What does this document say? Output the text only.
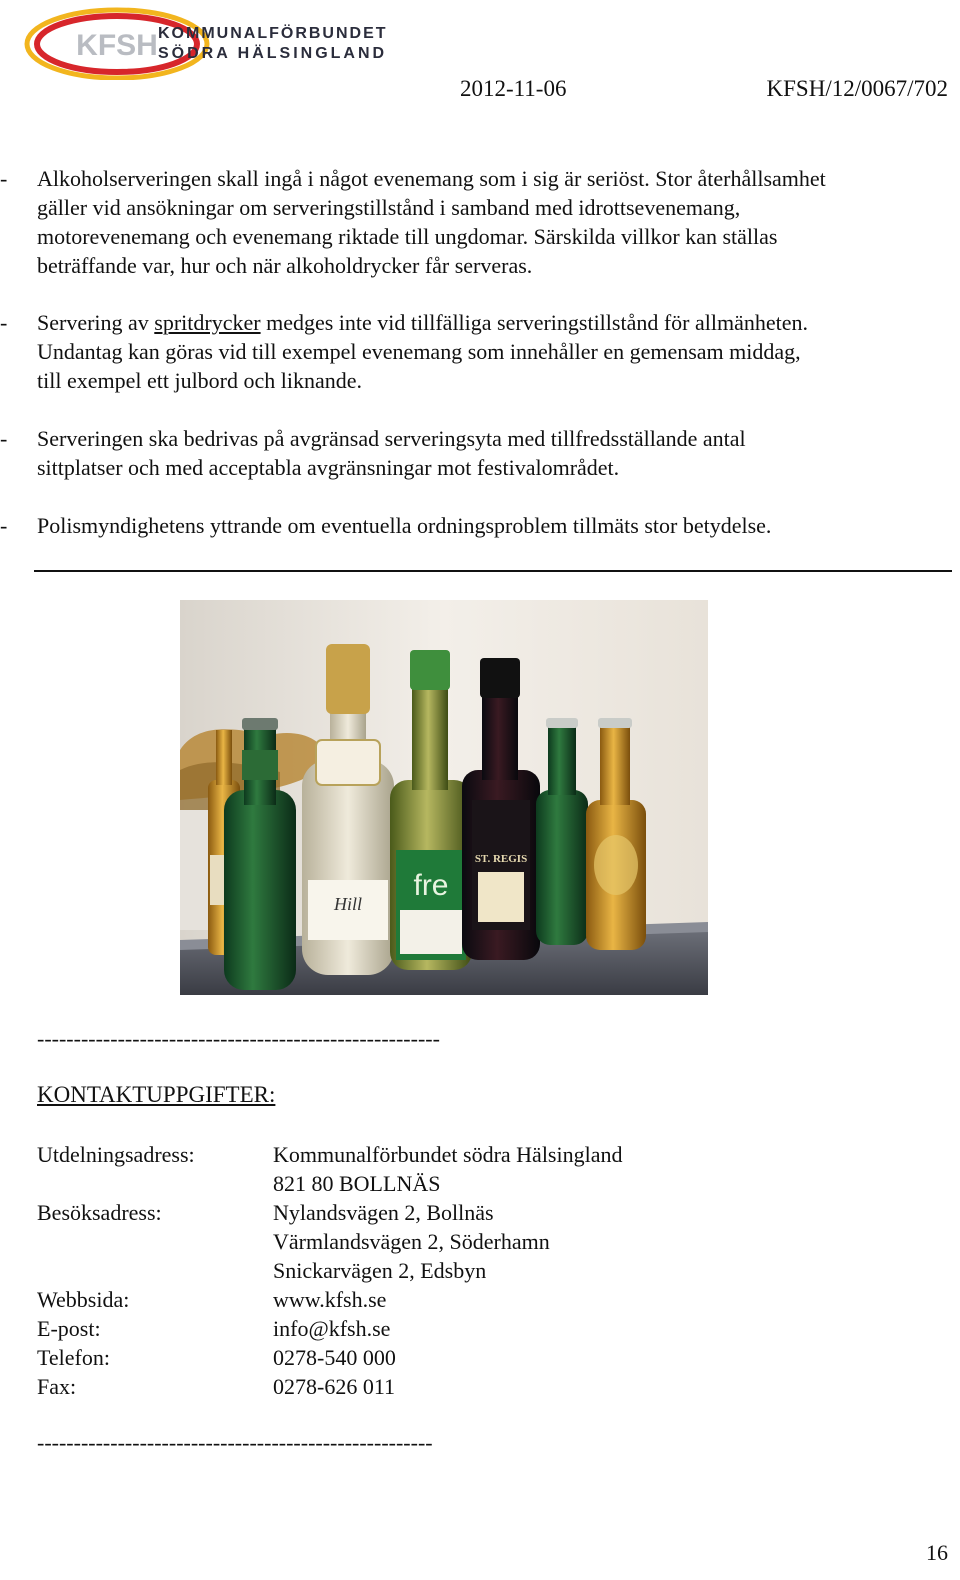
KFSH KOMMUNALFÖRBUNDET
SÖDRA HÄLSINGLAND
2012-11-06	KFSH/12/0067/702
-	Alkoholserveringen skall ingå i något evenemang som i sig är seriöst. Stor återhållsamhet
gäller vid ansökningar om serveringstillstånd i samband med idrottsevenemang,
motorevenemang och evenemang riktade till ungdomar. Särskilda villkor kan ställas
beträffande var, hur och när alkoholdrycker får serveras.
-	Servering av spritdrycker medges inte vid tillfälliga serveringstillstånd för allmänheten.
Undantag kan göras vid till exempel evenemang som innehåller en gemensam middag,
till exempel ett julbord och liknande.
-	Serveringen ska bedrivas på avgränsad serveringsyta med tillfredsställande antal
sittplatser och med acceptabla avgränsningar mot festivalområdet.
-	Polismyndighetens yttrande om eventuella ordningsproblem tillmäts stor betydelse.
Hill
fre
ST. REGIS
-------------------------------------------------------
KONTAKTUPPGIFTER:
Utdelningsadress:	Kommunalförbundet södra Hälsingland
821 80 BOLLNÄS
Besöksadress:	Nylandsvägen 2, Bollnäs
Värmlandsvägen 2, Söderhamn
Snickarvägen 2, Edsbyn
Webbsida:	www.kfsh.se
E-post:	info@kfsh.se
Telefon:	0278-540 000
Fax:	0278-626 011
------------------------------------------------------
16
